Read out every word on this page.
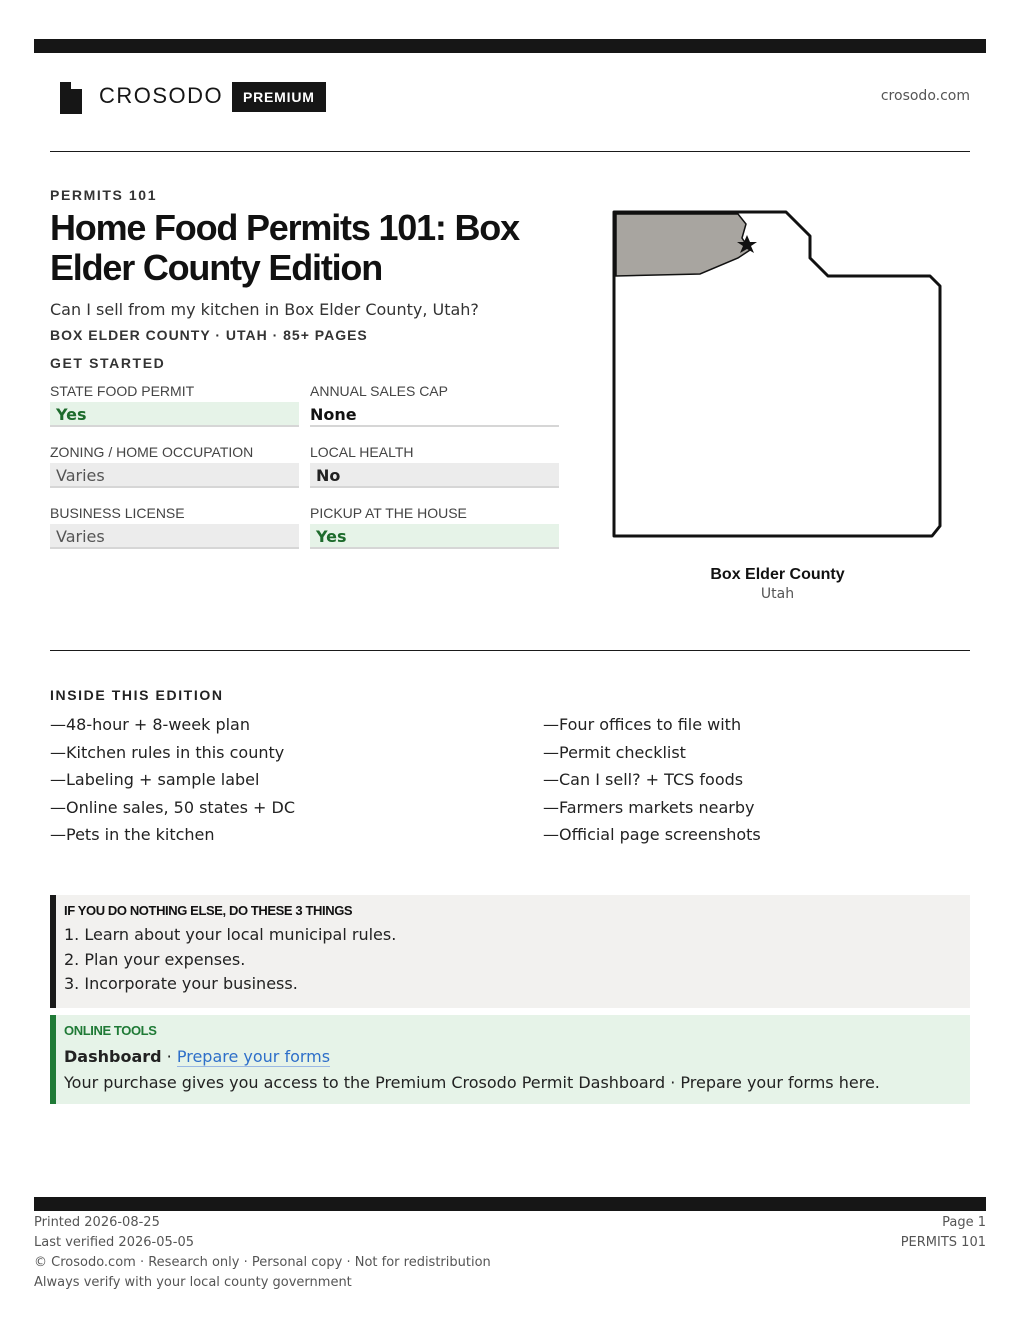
CROSODO	PREMIUM	crosodo.com
PERMITS 101
Home Food Permits 101: Box Elder County Edition
Can I sell from my kitchen in Box Elder County, Utah?
BOX ELDER COUNTY · UTAH · 85+ PAGES
GET STARTED
STATE FOOD PERMIT
Yes
ANNUAL SALES CAP
None
ZONING / HOME OCCUPATION
Varies
LOCAL HEALTH
No
BUSINESS LICENSE
Varies
PICKUP AT THE HOUSE
Yes
Box Elder County
Utah
INSIDE THIS EDITION
—48-hour + 8-week plan
—Kitchen rules in this county
—Labeling + sample label
—Online sales, 50 states + DC
—Pets in the kitchen
—Four offices to file with
—Permit checklist
—Can I sell? + TCS foods
—Farmers markets nearby
—Official page screenshots
IF YOU DO NOTHING ELSE, DO THESE 3 THINGS
1. Learn about your local municipal rules.
2. Plan your expenses.
3. Incorporate your business.
ONLINE TOOLS
Dashboard · Prepare your forms
Your purchase gives you access to the Premium Crosodo Permit Dashboard · Prepare your forms here.
Printed 2026-08-25
Last verified 2026-05-05
© Crosodo.com · Research only · Personal copy · Not for redistribution
Always verify with your local county government
Page 1
PERMITS 101
